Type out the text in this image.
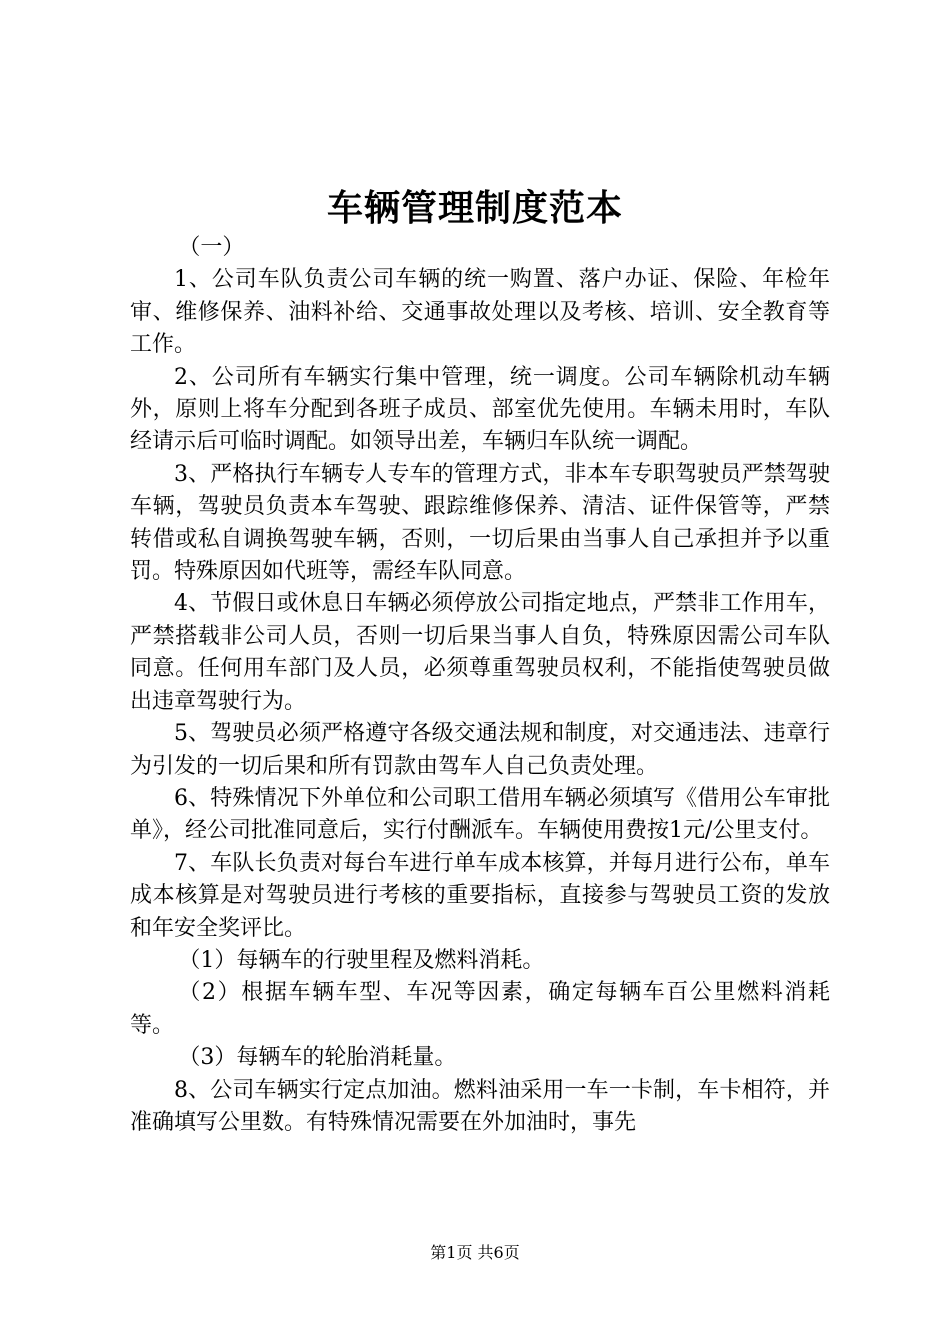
车辆管理制度范本

（一）

1、公司车队负责公司车辆的统一购置、落户办证、保险、年检年审、维修保养、油料补给、交通事故处理以及考核、培训、安全教育等工作。

2、公司所有车辆实行集中管理，统一调度。公司车辆除机动车辆外，原则上将车分配到各班子成员、部室优先使用。车辆未用时，车队经请示后可临时调配。如领导出差，车辆归车队统一调配。

3、严格执行车辆专人专车的管理方式，非本车专职驾驶员严禁驾驶车辆，驾驶员负责本车驾驶、跟踪维修保养、清洁、证件保管等，严禁转借或私自调换驾驶车辆，否则，一切后果由当事人自己承担并予以重罚。特殊原因如代班等，需经车队同意。

4、节假日或休息日车辆必须停放公司指定地点，严禁非工作用车，严禁搭载非公司人员，否则一切后果当事人自负，特殊原因需公司车队同意。任何用车部门及人员，必须尊重驾驶员权利，不能指使驾驶员做出违章驾驶行为。

5、驾驶员必须严格遵守各级交通法规和制度，对交通违法、违章行为引发的一切后果和所有罚款由驾车人自己负责处理。

6、特殊情况下外单位和公司职工借用车辆必须填写《借用公车审批单》，经公司批准同意后，实行付酬派车。车辆使用费按1元/公里支付。

7、车队长负责对每台车进行单车成本核算，并每月进行公布，单车成本核算是对驾驶员进行考核的重要指标，直接参与驾驶员工资的发放和年安全奖评比。

（1）每辆车的行驶里程及燃料消耗。

（2）根据车辆车型、车况等因素，确定每辆车百公里燃料消耗等。

（3）每辆车的轮胎消耗量。

8、公司车辆实行定点加油。燃料油采用一车一卡制，车卡相符，并准确填写公里数。有特殊情况需要在外加油时，事先

第1页 共6页
